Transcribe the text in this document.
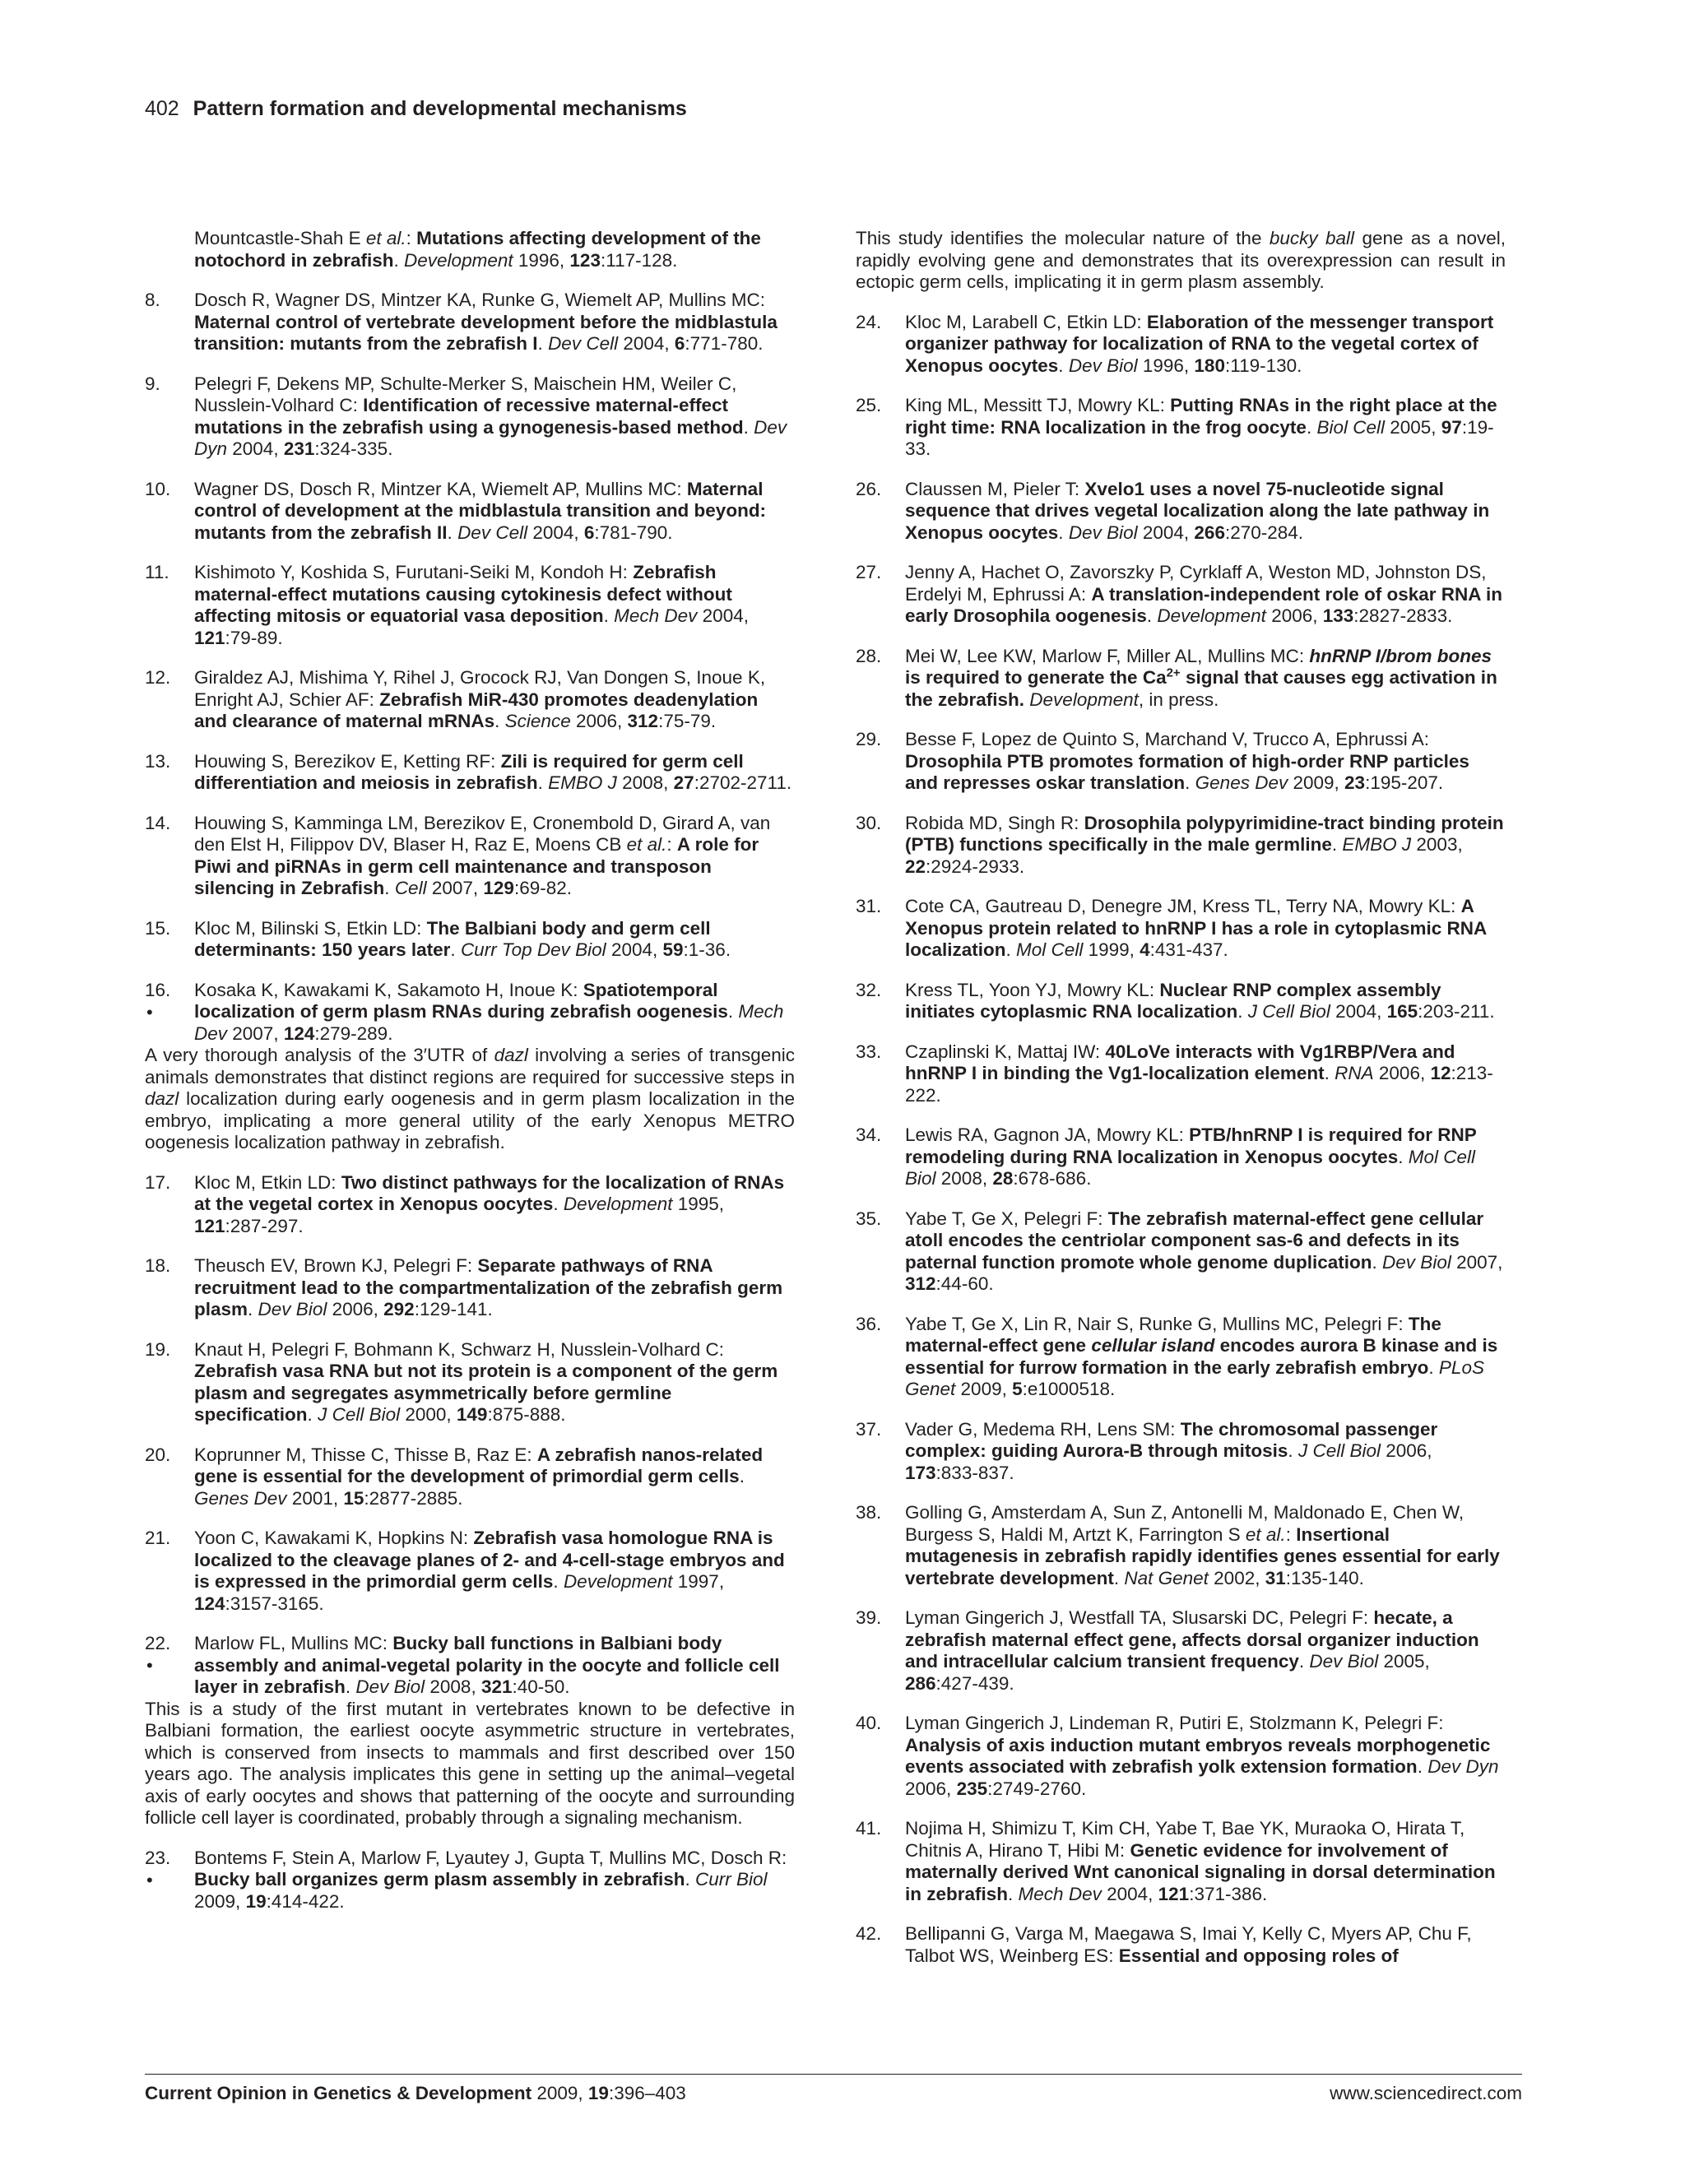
402 Pattern formation and developmental mechanisms
Mountcastle-Shah E et al.: Mutations affecting development of the notochord in zebrafish. Development 1996, 123:117-128.
8. Dosch R, Wagner DS, Mintzer KA, Runke G, Wiemelt AP, Mullins MC: Maternal control of vertebrate development before the midblastula transition: mutants from the zebrafish I. Dev Cell 2004, 6:771-780.
9. Pelegri F, Dekens MP, Schulte-Merker S, Maischein HM, Weiler C, Nusslein-Volhard C: Identification of recessive maternal-effect mutations in the zebrafish using a gynogenesis-based method. Dev Dyn 2004, 231:324-335.
10. Wagner DS, Dosch R, Mintzer KA, Wiemelt AP, Mullins MC: Maternal control of development at the midblastula transition and beyond: mutants from the zebrafish II. Dev Cell 2004, 6:781-790.
11. Kishimoto Y, Koshida S, Furutani-Seiki M, Kondoh H: Zebrafish maternal-effect mutations causing cytokinesis defect without affecting mitosis or equatorial vasa deposition. Mech Dev 2004, 121:79-89.
12. Giraldez AJ, Mishima Y, Rihel J, Grocock RJ, Van Dongen S, Inoue K, Enright AJ, Schier AF: Zebrafish MiR-430 promotes deadenylation and clearance of maternal mRNAs. Science 2006, 312:75-79.
13. Houwing S, Berezikov E, Ketting RF: Zili is required for germ cell differentiation and meiosis in zebrafish. EMBO J 2008, 27:2702-2711.
14. Houwing S, Kamminga LM, Berezikov E, Cronembold D, Girard A, van den Elst H, Filippov DV, Blaser H, Raz E, Moens CB et al.: A role for Piwi and piRNAs in germ cell maintenance and transposon silencing in Zebrafish. Cell 2007, 129:69-82.
15. Kloc M, Bilinski S, Etkin LD: The Balbiani body and germ cell determinants: 150 years later. Curr Top Dev Biol 2004, 59:1-36.
16.
•
Kosaka K, Kawakami K, Sakamoto H, Inoue K: Spatiotemporal localization of germ plasm RNAs during zebrafish oogenesis. Mech Dev 2007, 124:279-289.
A very thorough analysis of the 3′UTR of dazl involving a series of transgenic animals demonstrates that distinct regions are required for successive steps in dazl localization during early oogenesis and in germ plasm localization in the embryo, implicating a more general utility of the early Xenopus METRO oogenesis localization pathway in zebrafish.
17. Kloc M, Etkin LD: Two distinct pathways for the localization of RNAs at the vegetal cortex in Xenopus oocytes. Development 1995, 121:287-297.
18. Theusch EV, Brown KJ, Pelegri F: Separate pathways of RNA recruitment lead to the compartmentalization of the zebrafish germ plasm. Dev Biol 2006, 292:129-141.
19. Knaut H, Pelegri F, Bohmann K, Schwarz H, Nusslein-Volhard C: Zebrafish vasa RNA but not its protein is a component of the germ plasm and segregates asymmetrically before germline specification. J Cell Biol 2000, 149:875-888.
20. Koprunner M, Thisse C, Thisse B, Raz E: A zebrafish nanos-related gene is essential for the development of primordial germ cells. Genes Dev 2001, 15:2877-2885.
21. Yoon C, Kawakami K, Hopkins N: Zebrafish vasa homologue RNA is localized to the cleavage planes of 2- and 4-cell-stage embryos and is expressed in the primordial germ cells. Development 1997, 124:3157-3165.
22.
•
Marlow FL, Mullins MC: Bucky ball functions in Balbiani body assembly and animal-vegetal polarity in the oocyte and follicle cell layer in zebrafish. Dev Biol 2008, 321:40-50.
This is a study of the first mutant in vertebrates known to be defective in Balbiani formation, the earliest oocyte asymmetric structure in vertebrates, which is conserved from insects to mammals and first described over 150 years ago. The analysis implicates this gene in setting up the animal–vegetal axis of early oocytes and shows that patterning of the oocyte and surrounding follicle cell layer is coordinated, probably through a signaling mechanism.
23.
•
Bontems F, Stein A, Marlow F, Lyautey J, Gupta T, Mullins MC, Dosch R: Bucky ball organizes germ plasm assembly in zebrafish. Curr Biol 2009, 19:414-422.
This study identifies the molecular nature of the bucky ball gene as a novel, rapidly evolving gene and demonstrates that its overexpression can result in ectopic germ cells, implicating it in germ plasm assembly.
24. Kloc M, Larabell C, Etkin LD: Elaboration of the messenger transport organizer pathway for localization of RNA to the vegetal cortex of Xenopus oocytes. Dev Biol 1996, 180:119-130.
25. King ML, Messitt TJ, Mowry KL: Putting RNAs in the right place at the right time: RNA localization in the frog oocyte. Biol Cell 2005, 97:19-33.
26. Claussen M, Pieler T: Xvelo1 uses a novel 75-nucleotide signal sequence that drives vegetal localization along the late pathway in Xenopus oocytes. Dev Biol 2004, 266:270-284.
27. Jenny A, Hachet O, Zavorszky P, Cyrklaff A, Weston MD, Johnston DS, Erdelyi M, Ephrussi A: A translation-independent role of oskar RNA in early Drosophila oogenesis. Development 2006, 133:2827-2833.
28. Mei W, Lee KW, Marlow F, Miller AL, Mullins MC: hnRNP I/brom bones is required to generate the $Ca^{2+}$ signal that causes egg activation in the zebrafish. Development, in press.
29. Besse F, Lopez de Quinto S, Marchand V, Trucco A, Ephrussi A: Drosophila PTB promotes formation of high-order RNP particles and represses oskar translation. Genes Dev 2009, 23:195-207.
30. Robida MD, Singh R: Drosophila polypyrimidine-tract binding protein (PTB) functions specifically in the male germline. EMBO J 2003, 22:2924-2933.
31. Cote CA, Gautreau D, Denegre JM, Kress TL, Terry NA, Mowry KL: A Xenopus protein related to hnRNP I has a role in cytoplasmic RNA localization. Mol Cell 1999, 4:431-437.
32. Kress TL, Yoon YJ, Mowry KL: Nuclear RNP complex assembly initiates cytoplasmic RNA localization. J Cell Biol 2004, 165:203-211.
33. Czaplinski K, Mattaj IW: 40LoVe interacts with Vg1RBP/Vera and hnRNP I in binding the Vg1-localization element. RNA 2006, 12:213-222.
34. Lewis RA, Gagnon JA, Mowry KL: PTB/hnRNP I is required for RNP remodeling during RNA localization in Xenopus oocytes. Mol Cell Biol 2008, 28:678-686.
35. Yabe T, Ge X, Pelegri F: The zebrafish maternal-effect gene cellular atoll encodes the centriolar component sas-6 and defects in its paternal function promote whole genome duplication. Dev Biol 2007, 312:44-60.
36. Yabe T, Ge X, Lin R, Nair S, Runke G, Mullins MC, Pelegri F: The maternal-effect gene cellular island encodes aurora B kinase and is essential for furrow formation in the early zebrafish embryo. PLoS Genet 2009, 5:e1000518.
37. Vader G, Medema RH, Lens SM: The chromosomal passenger complex: guiding Aurora-B through mitosis. J Cell Biol 2006, 173:833-837.
38. Golling G, Amsterdam A, Sun Z, Antonelli M, Maldonado E, Chen W, Burgess S, Haldi M, Artzt K, Farrington S et al.: Insertional mutagenesis in zebrafish rapidly identifies genes essential for early vertebrate development. Nat Genet 2002, 31:135-140.
39. Lyman Gingerich J, Westfall TA, Slusarski DC, Pelegri F: hecate, a zebrafish maternal effect gene, affects dorsal organizer induction and intracellular calcium transient frequency. Dev Biol 2005, 286:427-439.
40. Lyman Gingerich J, Lindeman R, Putiri E, Stolzmann K, Pelegri F: Analysis of axis induction mutant embryos reveals morphogenetic events associated with zebrafish yolk extension formation. Dev Dyn 2006, 235:2749-2760.
41. Nojima H, Shimizu T, Kim CH, Yabe T, Bae YK, Muraoka O, Hirata T, Chitnis A, Hirano T, Hibi M: Genetic evidence for involvement of maternally derived Wnt canonical signaling in dorsal determination in zebrafish. Mech Dev 2004, 121:371-386.
42. Bellipanni G, Varga M, Maegawa S, Imai Y, Kelly C, Myers AP, Chu F, Talbot WS, Weinberg ES: Essential and opposing roles of
Current Opinion in Genetics & Development 2009, 19:396–403	www.sciencedirect.com
